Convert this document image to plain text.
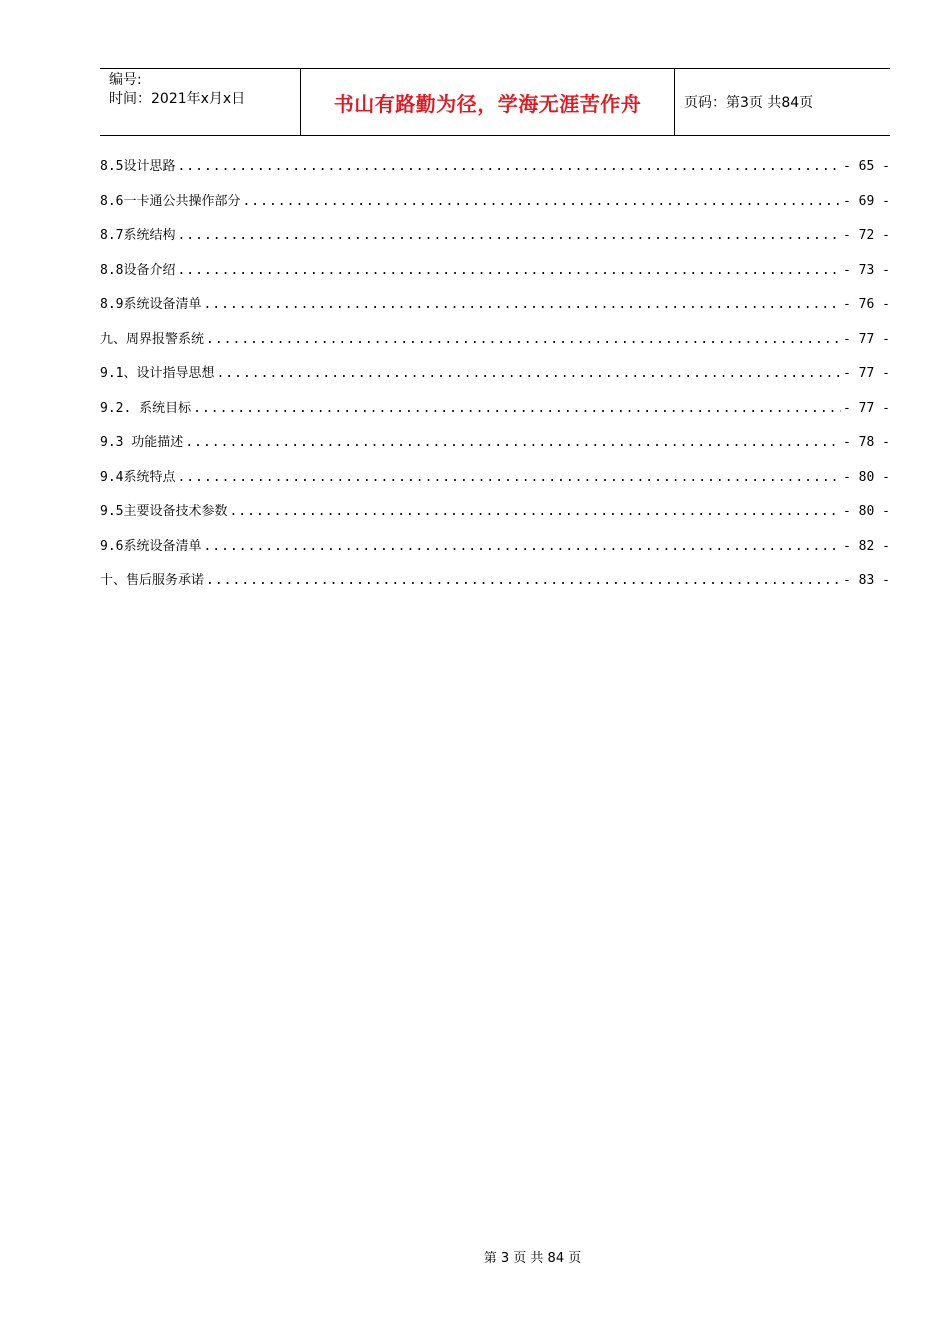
编号:
时间：2021年x月x日	书山有路勤为径，学海无涯苦作舟	页码：第3页 共84页
8.5设计思路 .....	- 65 -
8.6一卡通公共操作部分 .....	- 69 -
8.7系统结构 .....	- 72 -
8.8设备介绍 .....	- 73 -
8.9系统设备清单 .....	- 76 -
九、周界报警系统 .....	- 77 -
9.1、设计指导思想 .....	- 77 -
9.2. 系统目标 .....	- 77 -
9.3 功能描述 .....	- 78 -
9.4系统特点 .....	- 80 -
9.5主要设备技术参数 .....	- 80 -
9.6系统设备清单 .....	- 82 -
十、售后服务承诺 .....	- 83 -
第 3 页 共 84 页
